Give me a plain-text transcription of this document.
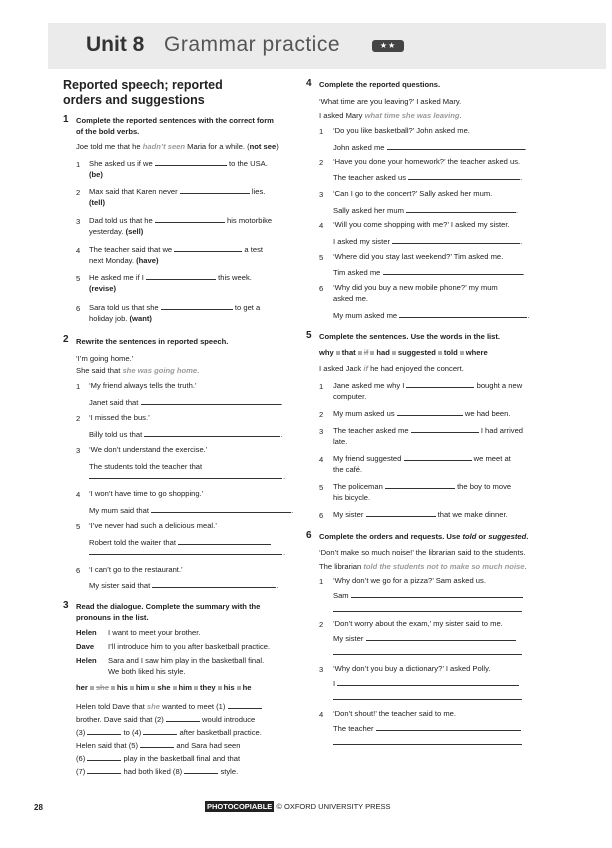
Unit 8 Grammar practice	★★
Reported speech; reported
orders and suggestions
1 Complete the reported sentences with the correct form
of the bold verbs.
Joe told me that he hadn’t seen Maria for a while. (not see)
1 She asked us if we	to the USA.
(be)
2 Max said that Karen never	lies.
(tell)
3 Dad told us that he	his motorbike
yesterday. (sell)
4 The teacher said that we	a test
next Monday. (have)
5 He asked me if I	this week.
(revise)
6 Sara told us that she	to get a
holiday job. (want)
2 Rewrite the sentences in reported speech.
‘I’m going home.’
She said that she was going home.
1 ‘My friend always tells the truth.’
Janet said that	.
2 ‘I missed the bus.’
Billy told us that	.
3 ‘We don’t understand the exercise.’
The students told the teacher that
.
4 ‘I won’t have time to go shopping.’
My mum said that	.
5 ‘I’ve never had such a delicious meal.’
Robert told the waiter that
.
6 ‘I can’t go to the restaurant.’
My sister said that	.
3 Read the dialogue. Complete the summary with the
pronouns in the list.
Helen I want to meet your brother.
Dave I’ll introduce him to you after basketball practice.
Helen Sara and I saw him play in the basketball final.
We both liked his style.
her she his him she him they his he
Helen told Dave that she wanted to meet (1)
brother. Dave said that (2)	would introduce
(3)	to (4)	after basketball practice.
Helen said that (5)	and Sara had seen
(6)	play in the basketball final and that
(7)	had both liked (8)	style.
4 Complete the reported questions.
‘What time are you leaving?’ I asked Mary.
I asked Mary what time she was leaving.
1 ‘Do you like basketball?’ John asked me.
John asked me	.
2 ‘Have you done your homework?’ the teacher asked us.
The teacher asked us	.
3 ‘Can I go to the concert?’ Sally asked her mum.
Sally asked her mum	.
4 ‘Will you come shopping with me?’ I asked my sister.
I asked my sister	.
5 ‘Where did you stay last weekend?’ Tim asked me.
Tim asked me	.
6 ‘Why did you buy a new mobile phone?’ my mum
asked me.
My mum asked me	.
5 Complete the sentences. Use the words in the list.
why that if had suggested told where
I asked Jack if he had enjoyed the concert.
1 Jane asked me why I	bought a new
computer.
2 My mum asked us	we had been.
3 The teacher asked me	I had arrived
late.
4 My friend suggested	we meet at
the café.
5 The policeman	the boy to move
his bicycle.
6 My sister	that we make dinner.
6 Complete the orders and requests. Use told or suggested.
‘Don’t make so much noise!’ the librarian said to the students.
The librarian told the students not to make so much noise.
1 ‘Why don’t we go for a pizza?’ Sam asked us.
Sam
2 ‘Don’t worry about the exam,’ my sister said to me.
My sister
3 ‘Why don’t you buy a dictionary?’ I asked Polly.
I
4 ‘Don’t shout!’ the teacher said to me.
The teacher
28	PHOTOCOPIABLE © OXFORD UNIVERSITY PRESS
